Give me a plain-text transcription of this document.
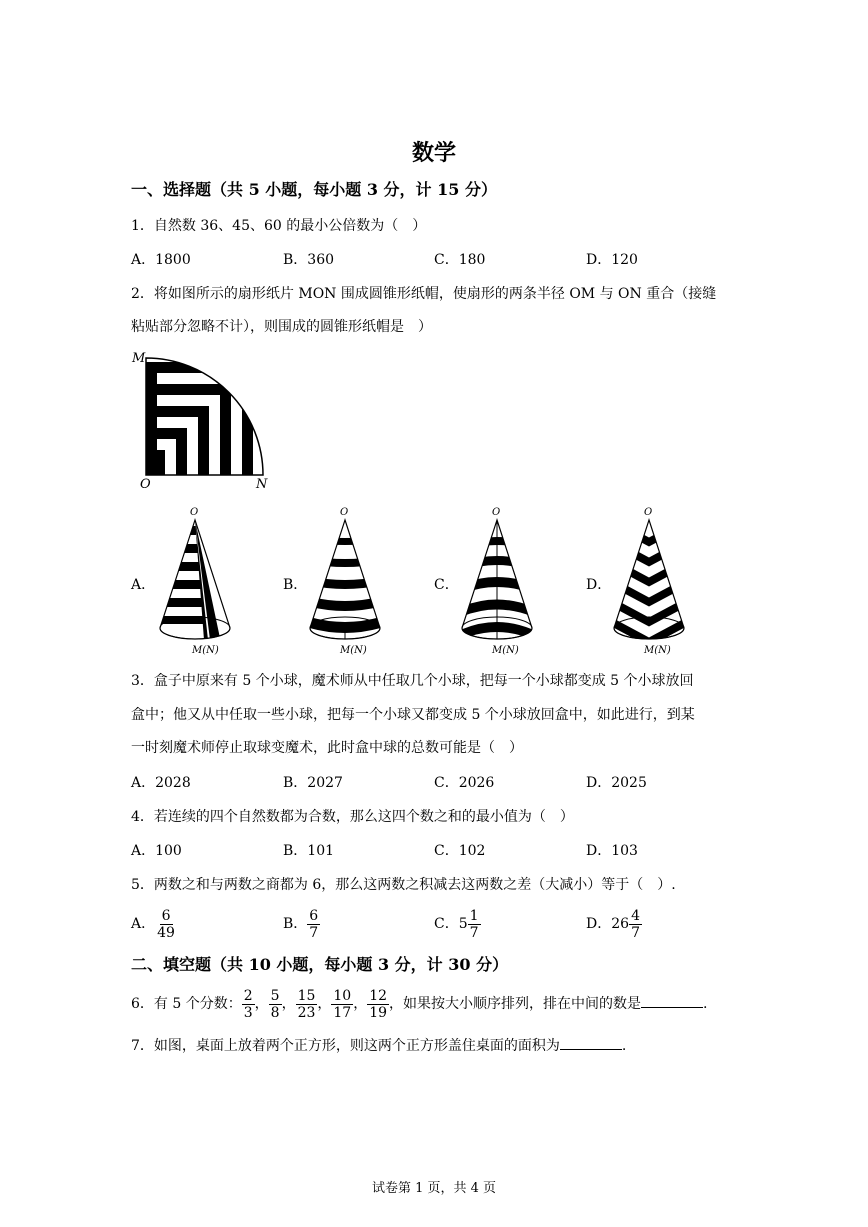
数学
一、选择题（共 5 小题，每小题 3 分，计 15 分）
1．自然数 36、45、60 的最小公倍数为（　）
A．1800	B．360	C．180	D．120
2．将如图所示的扇形纸片 MON 围成圆锥形纸帽，使扇形的两条半径 OM 与 ON 重合（接缝
粘贴部分忽略不计），则围成的圆锥形纸帽是　）
M
O	N
A．	B．	C．	D．
O
M(N)
O
M(N)
O
M(N)
O
M(N)
3．盒子中原来有 5 个小球，魔术师从中任取几个小球，把每一个小球都变成 5 个小球放回
盒中；他又从中任取一些小球，把每一个小球又都变成 5 个小球放回盒中，如此进行，到某
一时刻魔术师停止取球变魔术，此时盒中球的总数可能是（　）
A．2028	B．2027	C．2026	D．2025
4．若连续的四个自然数都为合数，那么这四个数之和的最小值为（　）
A．100	B．101	C．102	D．103
5．两数之和与两数之商都为 6，那么这两数之积减去这两数之差（大减小）等于（　）.
A． $\frac{6}{49}$	B． $\frac{6}{7}$	C．$5 \frac{1}{7}$	D．$26 \frac{4}{7}$
二、填空题（共 10 小题，每小题 3 分，计 30 分）
6．有 5 个分数： $\frac{2}{3}$ ， $\frac{5}{8}$ ， $\frac{15}{23}$ ， $\frac{10}{17}$ ， $\frac{12}{19}$ ，如果按大小顺序排列，排在中间的数是	.
7．如图，桌面上放着两个正方形，则这两个正方形盖住桌面的面积为	.
试卷第 1 页，共 4 页
